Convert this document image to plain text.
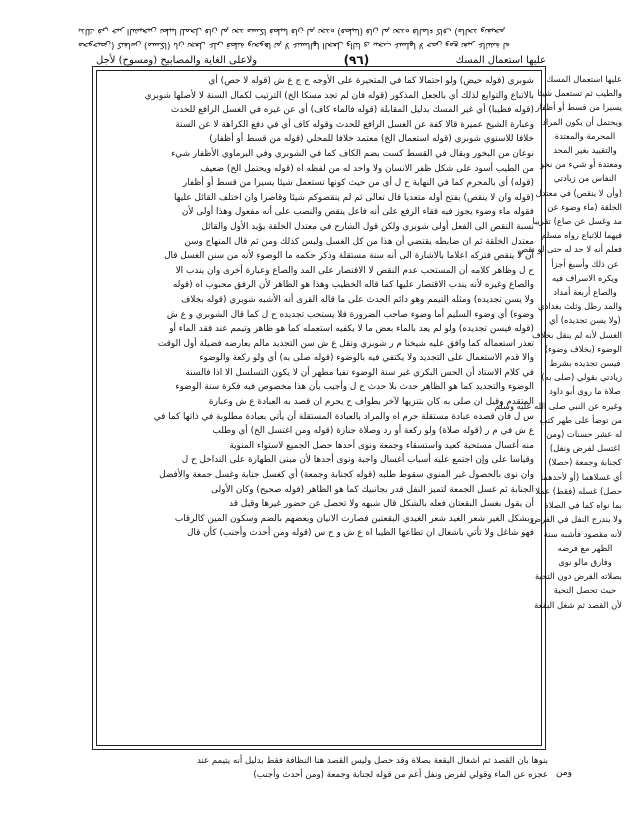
محوحيض) كنفاس (مسكا) بان تجعل على قطنة ونحوها ثم لا عنسالها الجعل والتا ى بيجب غسلها لا حص ومع تغير عائشة له
بذلك في خبر الشيخين تطيبا للمحل فان لم تجد مسكا فطيبا فان لم تجده (فطينا) فان لم تجده فالماء كاف (مالحد ونفيحم
عليها استعمال المسك
(٩٦)
ولاعلى الغاية والمصابيح (ومسوح) لأجل
شوبري (قوله حيض) ولو احتمالا كما في المتحيرة على الأوجه ح ج ع ش (قوله لا حص) أي
بالاتباع والتوابع لذلك أي بالجعل المذكور (قوله فان لم تجد مسكا الخ) الترتيب لكمال السنة لا لأصلها شوبري
(قوله فطيبا) أي غير المسك بدليل المقابلة (قوله فالماء كاف) أي عن غيره في الغسل الرافع للحدث
وعبارة الشيخ عميرة قالا كفة عن الغسل الرافع للحدث وقوله كاف أي في دفع الكراهة لا عن السنة
خلافا للاسنوي شوبري (قوله استعمال الخ) معتمد خلافا للمحلي (قوله من قسط أو أظفار)
نوعان من البخور وبقال في القسط كست بضم الكاف كما في الشوبري وفي البرماوي الأظفار شيء
من الطيب أسود على شكل ظفر الانسان ولا واحد له من لفظه اه (قوله ويحتمل الخ) ضعيف
(قوله) أي بالمحرم كما في النهاية ح ل أي من حيث كونها تستعمل شيئا يسيرا من قسط أو أظفار
(قوله وان لا ينقص) بفتح أوله متعديا قال تعالى ثم لم ينقصوكم شيئا وقاصرا وان اختلف القائل عليها
فقوله ماء وضوء يجوز فيه فقاء الرفع على أنه فاعل ينقص والنصب على أنه مفعول وهذا أولى لأن
نسبة النقص الى الفعل أولى شوبري ولكن قول الشارح في معتدل الخلقة يؤيد الأول والقائل
معتدل الخلقة ثم ان ضابطه يقتضي أن هذا من كل الغسل وليس كذلك ومن ثم قال المنهاج وسن
أن لا ينقص فتركه اعلاما بالاشارة الى أنه سنة مستقلة وذكر حكمه ما الوضوء لأنه من سنن الغسل قال
ح ل وظاهر كلامه أن المستحب عدم النقص لا الاقتصار على المد والصاع وعبارة أخرى وان يندب الا
والصاع وغيره لأنه يندب الاقتصار عليها كما قاله الخطيب وهذا هو الظاهر لأن الرفق محبوب اه (قوله
ولا يسن تجديده) ومثله التيمم وهو دائم الحدث على ما قاله القرى أنه الأشبه شوبري (قوله بخلاف
وضوء) أي وضوء السليم أما وضوء صاحب الضرورة فلا يستحب تجديده ح ل كما قال الشوبري و ع ش
(قوله فيسن تجديده) ولو لم يعد بالماء بعض ما لا يكفيه استعمله كما هو ظاهر وتيمم عند فقد الماء أو
تعذر استعماله كما وافق عليه شيخنا م ر شوبري ونقل ع ش سن التجديد مالم يعارضه فضيلة أول الوقت
والا قدم الاستعمال على التجديد ولا يكتفي فيه بالوضوء (قوله صلى به) أي ولو ركعة والوضوء
في كلام الاستاذ أن الحس البكري غير سنة الوضوء نفيا مطهر أن لا يكون التسلسل الا اذا فالسنة
الوضوء والتجديد كما هو الظاهر حدث بلا حدث ح ل وأجيب بأن هذا مخصوص فيه فكرة سنة الوضوء
المتقدم وقيل ان صلى به كان بتنزيها لآخر بطواف ح يحرم ان قصد به العبادة ع ش وعبارة
س ل فان قصده عبادة مستقلة حرم اه والمراد بالعبادة المستقلة أن يأتي بعبادة مطلوبة في ذاتها كما في
ع ش في م ر (قوله صلاة) ولو ركعة أو رد وصلاة جنازة (قوله ومن اغتسل الخ) أي وطلب
منه أغسال مستحبة كعيد واستسقاء وجمعة ونوى أحدها حصل الجميع لاستواء المنوية
وقياسا على وإن اجتمع عليه أسباب أغسال واجبة ونوى أحدها لأن مبنى الطهارة على التداخل ح ل
وان نوى بالحصول غير المنوي سقوط طلبه (قوله كجنابة وجمعة) أي كغسل جنابة وغسل جمعة والأفضل
الجنابة ثم غسل الجمعة لتميز النفل قدر بجانبيك كما هو الظاهر (قوله صحيح) وكان الأولى
أن يقول بغسل البقعتان فعله بالشكل قال شبهه ولا تحصل عن حضور غيرها وقيل قد
وبشكل الغير شعر الغيد شعر الغيدي البقعتين فصارت الانيان وبعضهم بالضم وسكون المين كالرقاب
فهو شاغل ولا تأتي باشغال ان تطاعها الطيبا اه ع ش و ح س (قوله ومن أحدث وأجنب) كأن قال
عليها استعمال المسك
والطيب ثم تستعمل شيئا
يسيرا من قسط أو أظفار
ويحتمل أن يكون المراد
المحرمة والمعتدة
والتقييد بغير المحد
ومعتدة أو شيء من نحو
النفاس من زيادتي
(وأن لا ينقص) في معتدل
الخلقة (ماء وضوء عن
مد وغسل عن صاع) تقريبا
فيهما للاتباع رواه مسلم
فعلم أنه لا حد له حتى لو نقص
عن ذلك وأسبغ أجزأ
ويكره الاسراف فيه
والصاع أربعة أمداد
والمد رطل وثلث بغدادي
(ولا يسن تجديده) أي
الغسل لأنه لم ينقل بخلاف
الوضوء (بخلاف وضوء)
فيسن تجديده بشرط
زيادتي بقولي (صلى به)
صلاة ما روى أبو داود
وغيره عن النبي صلى الله عليه وسلم
من توضأ على طهر كتب
له عشر حسنات (ومن
اغتسل لفرض ونفل)
كجنابة وجمعة (حصلا)
أي غسلاهما (أو لأحدهما
حصل) غسله (فقط) عملا
بما نواه كما في الصلاة
ولا يندرج النفل في الفرض
لأنه مقصود فأشبه سنة
الظهر مع فرضه
وفارق مالو نوى
بصلاته الفرض دون التحية
حيث تحصل التحية
لأن القصد ثم شغل البقعة
بنوها بان القصد ثم اشغال البقعة بصلاة وقد حصل وليس القصد هنا النظافة فقط بدليل أنه يتيمم عند
عجزه عن الماء وقولي لفرض ونفل أعم من قوله لجنابة وجمعة (ومن أحدث وأجنب) ومن
